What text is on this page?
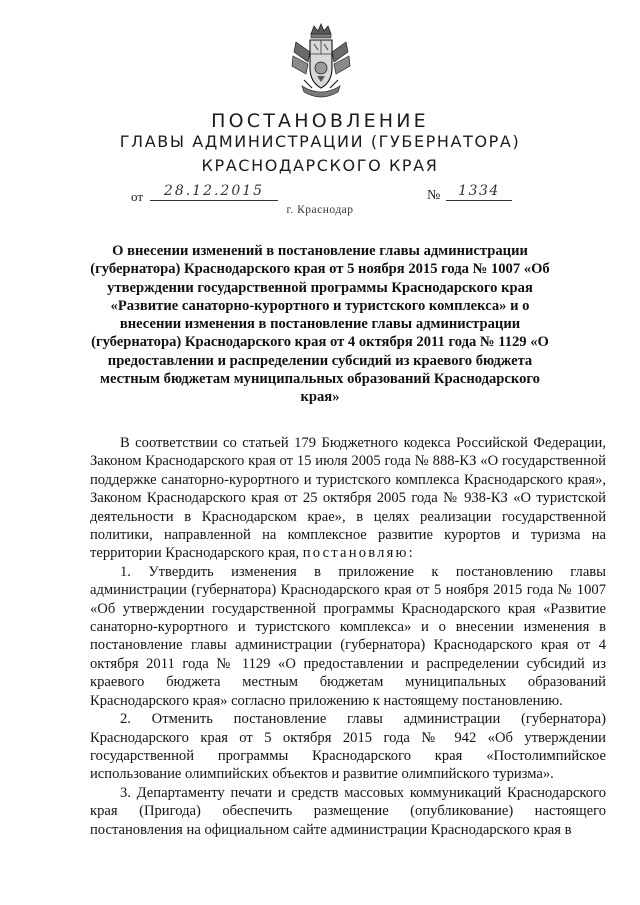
ПОСТАНОВЛЕНИЕ
ГЛАВЫ АДМИНИСТРАЦИИ (ГУБЕРНАТОРА)
КРАСНОДАРСКОГО КРАЯ
от	28.12.2015	№	1334
г. Краснодар
О внесении изменений в постановление главы администрации (губернатора) Краснодарского края от 5 ноября 2015 года № 1007 «Об утверждении государственной программы Краснодарского края «Развитие санаторно-курортного и туристского комплекса» и о внесении изменения в постановление главы администрации (губернатора) Краснодарского края от 4 октября 2011 года № 1129 «О предоставлении и распределении субсидий из краевого бюджета местным бюджетам муниципальных образований Краснодарского края»

В соответствии со статьей 179 Бюджетного кодекса Российской Федерации, Законом Краснодарского края от 15 июля 2005 года № 888-КЗ «О государственной поддержке санаторно-курортного и туристского комплекса Краснодарского края», Законом Краснодарского края от 25 октября 2005 года № 938-КЗ «О туристской деятельности в Краснодарском крае», в целях реализации государственной политики, направленной на комплексное развитие курортов и туризма на территории Краснодарского края, постановляю:

1. Утвердить изменения в приложение к постановлению главы администрации (губернатора) Краснодарского края от 5 ноября 2015 года № 1007 «Об утверждении государственной программы Краснодарского края «Развитие санаторно-курортного и туристского комплекса» и о внесении изменения в постановление главы администрации (губернатора) Краснодарского края от 4 октября 2011 года № 1129 «О предоставлении и распределении субсидий из краевого бюджета местным бюджетам муниципальных образований Краснодарского края» согласно приложению к настоящему постановлению.

2. Отменить постановление главы администрации (губернатора) Краснодарского края от 5 октября 2015 года № 942 «Об утверждении государственной программы Краснодарского края «Постолимпийское использование олимпийских объектов и развитие олимпийского туризма».

3. Департаменту печати и средств массовых коммуникаций Краснодарского края (Пригода) обеспечить размещение (опубликование) настоящего постановления на официальном сайте администрации Краснодарского края в
